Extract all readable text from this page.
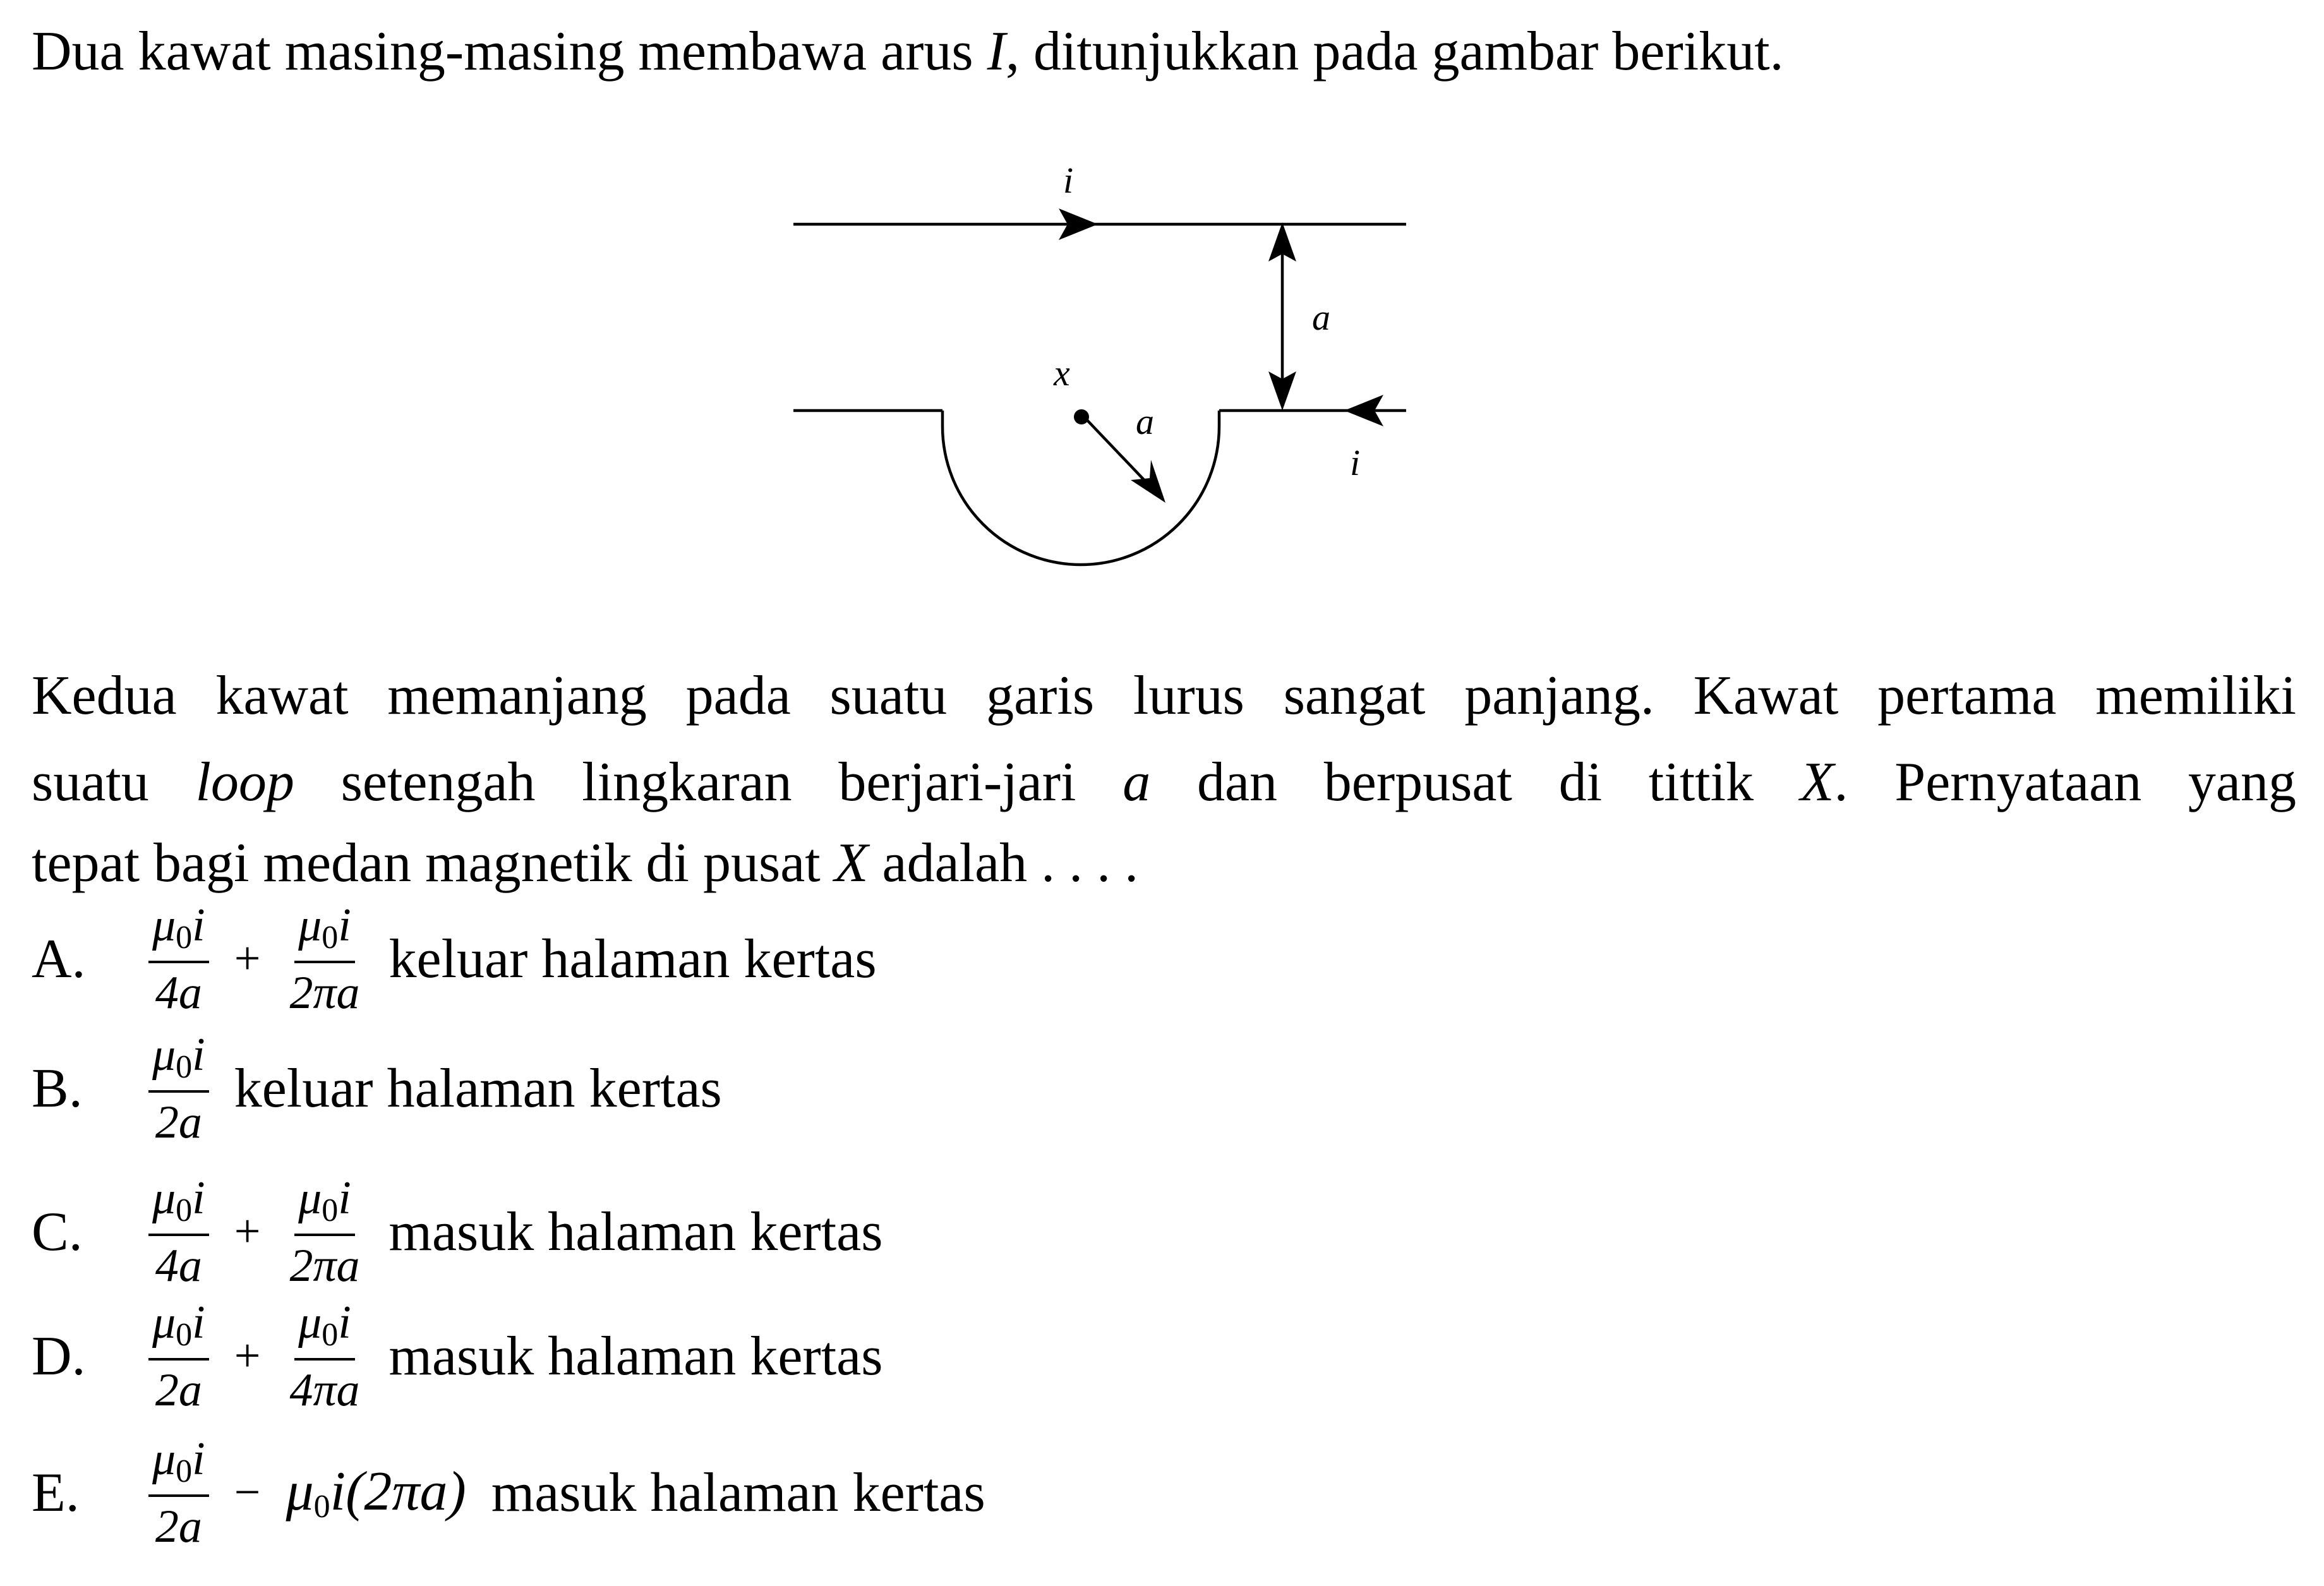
Dua kawat masing-masing membawa arus I, ditunjukkan pada gambar berikut.

i
a
x
a
i
Kedua kawat memanjang pada suatu garis lurus sangat panjang. Kawat pertama memiliki
suatu loop setengah lingkaran berjari-jari a dan berpusat di tittik X. Pernyataan yang
tepat bagi medan magnetik di pusat X adalah . . . .
A.	$\frac{\mu 0i}{4a} + \frac{\mu 0i}{2\pi a}$ keluar halaman kertas
B.	$\frac{\mu 0i}{2a}$ keluar halaman kertas
C.	$\frac{\mu 0i}{4a} + \frac{\mu 0i}{2\pi a}$ masuk halaman kertas
D.	$\frac{\mu 0i}{2a} + \frac{\mu 0i}{4\pi a}$ masuk halaman kertas
E.	$\frac{\mu 0i}{2a} - \mu 0i(2\pi a)$ masuk halaman kertas
